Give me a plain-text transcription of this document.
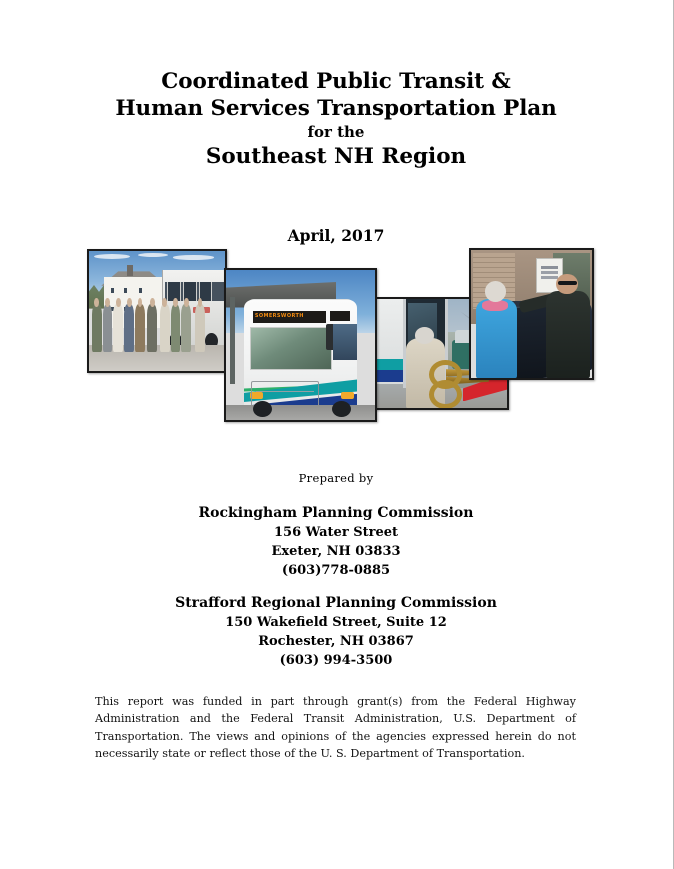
Coordinated Public Transit &
Human Services Transportation Plan
for the
Southeast NH Region
April, 2017
SOMERSWORTH
Prepared by
Rockingham Planning Commission
156 Water Street
Exeter, NH 03833
(603)778-0885
Strafford Regional Planning Commission
150 Wakefield Street, Suite 12
Rochester, NH 03867
(603) 994-3500
This report was funded in part through grant(s) from the Federal Highway Administration and the Federal Transit Administration, U.S. Department of Transportation. The views and opinions of the agencies expressed herein do not necessarily state or reflect those of the U. S. Department of Transportation.
